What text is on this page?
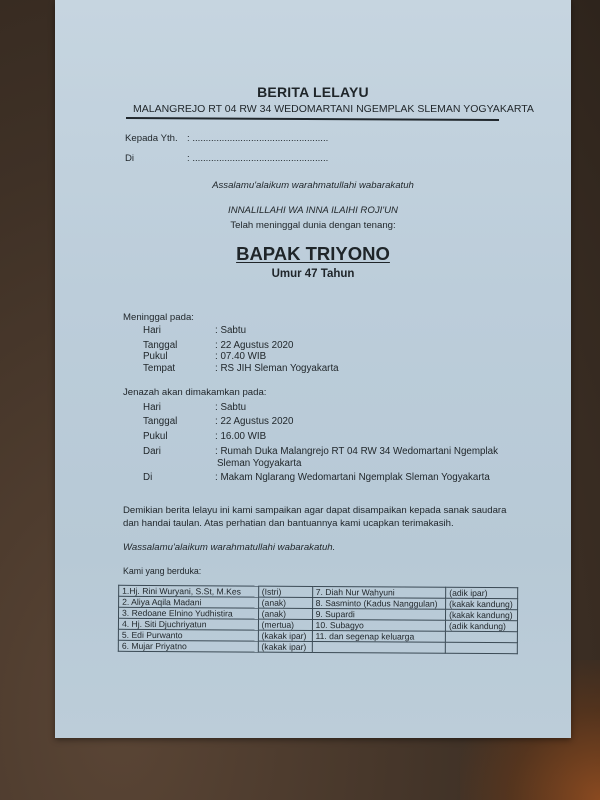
BERITA LELAYU
MALANGREJO RT 04 RW 34 WEDOMARTANI NGEMPLAK SLEMAN YOGYAKARTA
Kepada Yth. : ...................................................
Di	: ...................................................
Assalamu'alaikum warahmatullahi wabarakatuh
INNALILLAHI WA INNA ILAIHI ROJI'UN
Telah meninggal dunia dengan tenang:
BAPAK TRIYONO
Umur 47 Tahun
Meninggal pada:
Hari	: Sabtu
Tanggal	: 22 Agustus 2020
Pukul	: 07.40 WIB
Tempat	: RS JIH Sleman Yogyakarta
Jenazah akan dimakamkan pada:
Hari	: Sabtu
Tanggal	: 22 Agustus 2020
Pukul	: 16.00 WIB
Dari	: Rumah Duka Malangrejo RT 04 RW 34 Wedomartani Ngemplak
Sleman Yogyakarta
Di	: Makam Nglarang Wedomartani Ngemplak Sleman Yogyakarta
Demikian berita lelayu ini kami sampaikan agar dapat disampaikan kepada sanak saudara
dan handai taulan. Atas perhatian dan bantuannya kami ucapkan terimakasih.
Wassalamu'alaikum warahmatullahi wabarakatuh.
Kami yang berduka:
1.Hj. Rini Wuryani, S.St, M.Kes	(Istri)	7. Diah Nur Wahyuni	(adik ipar)
2. Aliya Aqila Madani	(anak)	8. Sasminto (Kadus Nanggulan)	(kakak kandung)
3. Redoane Elnino Yudhistira	(anak)	9. Supardi	(kakak kandung)
4. Hj. Siti Djuchriyatun	(mertua)	10. Subagyo	(adik kandung)
5. Edi Purwanto	(kakak ipar)	11. dan segenap keluarga	
6. Mujar Priyatno	(kakak ipar)		
